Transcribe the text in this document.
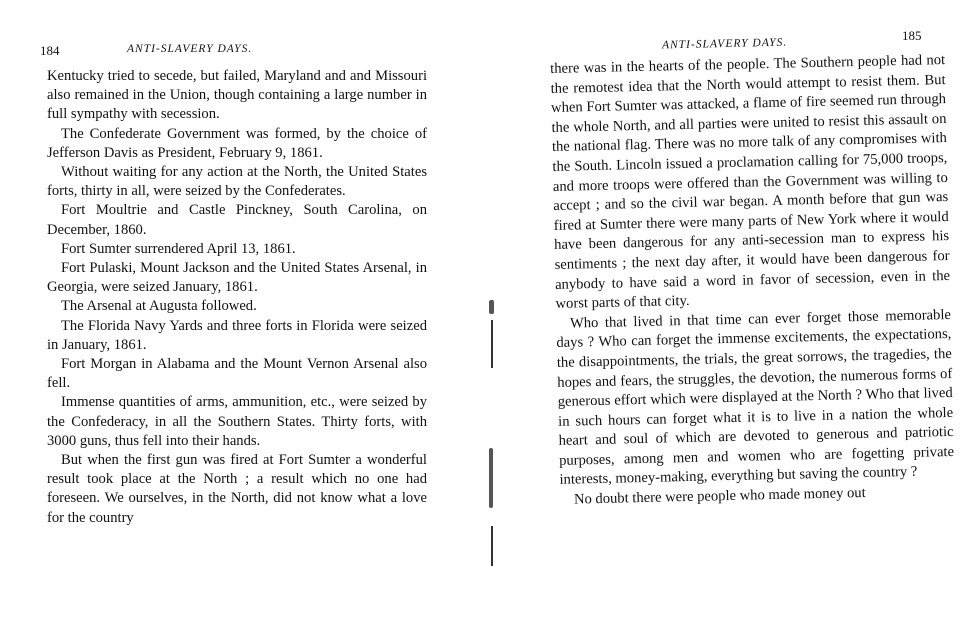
184	ANTI-SLAVERY DAYS.

Kentucky tried to secede, but failed, Maryland and and Missouri also remained in the Union, though containing a large number in full sympathy with secession.

The Confederate Government was formed, by the choice of Jefferson Davis as President, February 9, 1861.

Without waiting for any action at the North, the United States forts, thirty in all, were seized by the Confederates.

Fort Moultrie and Castle Pinckney, South Carolina, on December, 1860.

Fort Sumter surrendered April 13, 1861.

Fort Pulaski, Mount Jackson and the United States Arsenal, in Georgia, were seized January, 1861.

The Arsenal at Augusta followed.

The Florida Navy Yards and three forts in Florida were seized in January, 1861.

Fort Morgan in Alabama and the Mount Vernon Arsenal also fell.

Immense quantities of arms, ammunition, etc., were seized by the Confederacy, in all the Southern States. Thirty forts, with 3000 guns, thus fell into their hands.

But when the first gun was fired at Fort Sumter a wonderful result took place at the North ; a result which no one had foreseen. We ourselves, in the North, did not know what a love for the country

ANTI-SLAVERY DAYS.
185

there was in the hearts of the people. The Southern people had not the remotest idea that the North would attempt to resist them. But when Fort Sumter was attacked, a flame of fire seemed run through the whole North, and all parties were united to resist this assault on the national flag. There was no more talk of any compromises with the South. Lincoln issued a proclamation calling for 75,000 troops, and more troops were offered than the Government was willing to accept ; and so the civil war began. A month before that gun was fired at Sumter there were many parts of New York where it would have been dangerous for any anti-secession man to express his sentiments ; the next day after, it would have been dangerous for anybody to have said a word in favor of secession, even in the worst parts of that city.

Who that lived in that time can ever forget those memorable days ? Who can forget the immense excitements, the expectations, the disappointments, the trials, the great sorrows, the tragedies, the hopes and fears, the struggles, the devotion, the numerous forms of generous effort which were displayed at the North ? Who that lived in such hours can forget what it is to live in a nation the whole heart and soul of which are devoted to generous and patriotic purposes, among men and women who are fogetting private interests, money-making, everything but saving the country ?

No doubt there were people who made money out
